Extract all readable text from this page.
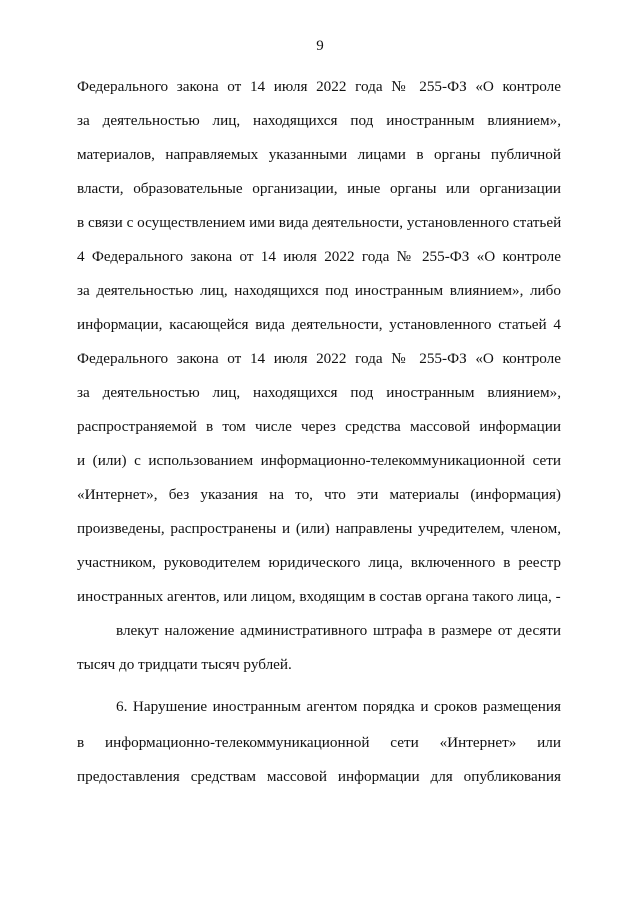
9
Федерального закона от 14 июля 2022 года № 255-ФЗ «О контроле
за деятельностью лиц, находящихся под иностранным влиянием»,
материалов, направляемых указанными лицами в органы публичной
власти, образовательные организации, иные органы или организации
в связи с осуществлением ими вида деятельности, установленного статьей
4 Федерального закона от 14 июля 2022 года № 255-ФЗ «О контроле
за деятельностью лиц, находящихся под иностранным влиянием», либо
информации, касающейся вида деятельности, установленного статьей 4
Федерального закона от 14 июля 2022 года № 255-ФЗ «О контроле
за деятельностью лиц, находящихся под иностранным влиянием»,
распространяемой в том числе через средства массовой информации
и (или) с использованием информационно-телекоммуникационной сети
«Интернет», без указания на то, что эти материалы (информация)
произведены, распространены и (или) направлены учредителем, членом,
участником, руководителем юридического лица, включенного в реестр
иностранных агентов, или лицом, входящим в состав органа такого лица, -
влекут наложение административного штрафа в размере от десяти
тысяч до тридцати тысяч рублей.
6. Нарушение иностранным агентом порядка и сроков размещения
в информационно-телекоммуникационной сети «Интернет» или
предоставления средствам массовой информации для опубликования
